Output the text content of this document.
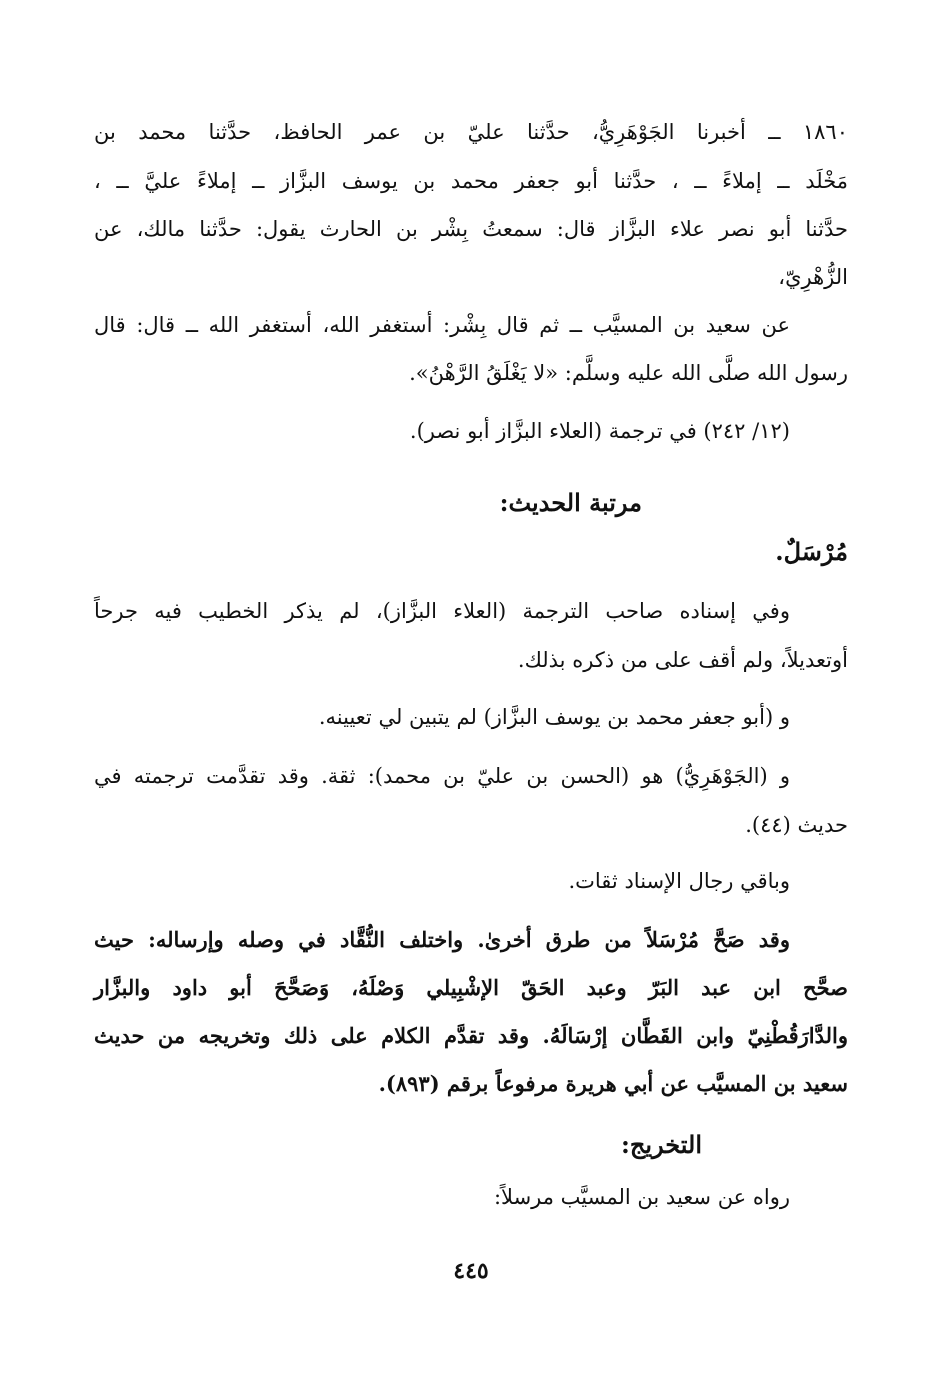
١٨٦٠ ــ أخبرنا الجَوْهَرِيُّ، حدَّثنا عليّ بن عمر الحافظ، حدَّثنا محمد بن
مَخْلَد ــ إملاءً ــ ، حدَّثنا أبو جعفر محمد بن يوسف البزَّاز ــ إملاءً عليَّ ــ ،
حدَّثنا أبو نصر علاء البزَّاز قال: سمعتُ بِشْر بن الحارث يقول: حدَّثنا مالك، عن
الزُّهْرِيّ،
عن سعيد بن المسيَّب ــ ثم قال بِشْر: أستغفر الله، أستغفر الله ــ قال: قال
رسول الله صلَّى الله عليه وسلَّم: «لا يَغْلَقُ الرَّهْنُ».
(١٢/ ٢٤٢) في ترجمة (العلاء البزَّاز أبو نصر).
مرتبة الحديث:
مُرْسَلٌ.
وفي إسناده صاحب الترجمة (العلاء البزَّاز)، لم يذكر الخطيب فيه جرحاً
أوتعديلاً، ولم أقف على من ذكره بذلك.
و (أبو جعفر محمد بن يوسف البزَّاز) لم يتبين لي تعيينه.
و (الجَوْهَرِيُّ) هو (الحسن بن عليّ بن محمد): ثقة. وقد تقدَّمت ترجمته في
حديث (٤٤).
وباقي رجال الإسناد ثقات.
وقد صَحَّ مُرْسَلاً من طرق أخرىٰ. واختلف النُّقَّاد في وصله وإرساله: حيث
صحَّح ابن عبد البَرّ وعبد الحَقّ الإشْبِيلي وَصْلَهُ، وَصَحَّحَ أبو داود والبزَّار
والدَّارَقُطْنِيّ وابن القَطَّان إرْسَالَهُ. وقد تقدَّم الكلام على ذلك وتخريجه من حديث
سعيد بن المسيَّب عن أبي هريرة مرفوعاً برقم (٨٩٣).
التخريج:
رواه عن سعيد بن المسيَّب مرسلاً:
٤٤٥
